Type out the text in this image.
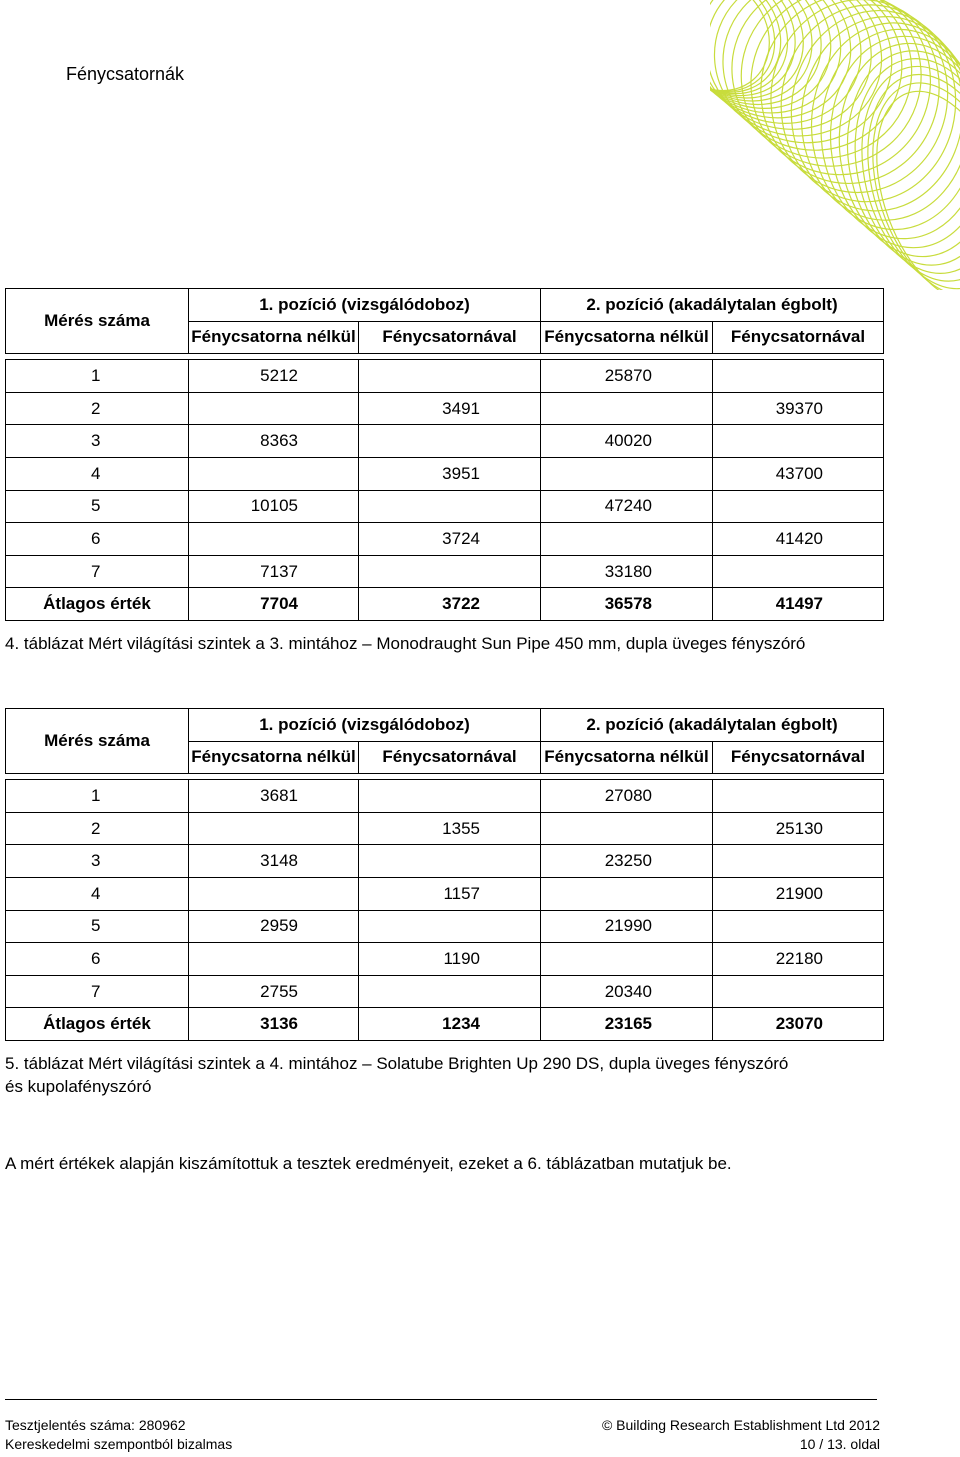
Fénycsatornák
Mérés száma	1. pozíció (vizsgálódoboz)		2. pozíció (akadálytalan égbolt)	
	Fénycsatorna nélkül	Fénycsatornával	Fénycsatorna nélkül	Fénycsatornával

1	5212		25870	
2		3491		39370
3	8363		40020	
4		3951		43700
5	10105		47240	
6		3724		41420
7	7137		33180	
Átlagos érték	7704	3722	36578	41497
4. táblázat Mért világítási szintek a 3. mintához – Monodraught Sun Pipe 450 mm, dupla üveges fényszóró
Mérés száma	1. pozíció (vizsgálódoboz)		2. pozíció (akadálytalan égbolt)	
	Fénycsatorna nélkül	Fénycsatornával	Fénycsatorna nélkül	Fénycsatornával

1	3681		27080	
2		1355		25130
3	3148		23250	
4		1157		21900
5	2959		21990	
6		1190		22180
7	2755		20340	
Átlagos érték	3136	1234	23165	23070
5. táblázat Mért világítási szintek a 4. mintához – Solatube Brighten Up 290 DS, dupla üveges fényszóró
és kupolafényszóró
A mért értékek alapján kiszámítottuk a tesztek eredményeit, ezeket a 6. táblázatban mutatjuk be.
Tesztjelentés száma: 280962	© Building Research Establishment Ltd 2012
Kereskedelmi szempontból bizalmas	10 / 13. oldal
